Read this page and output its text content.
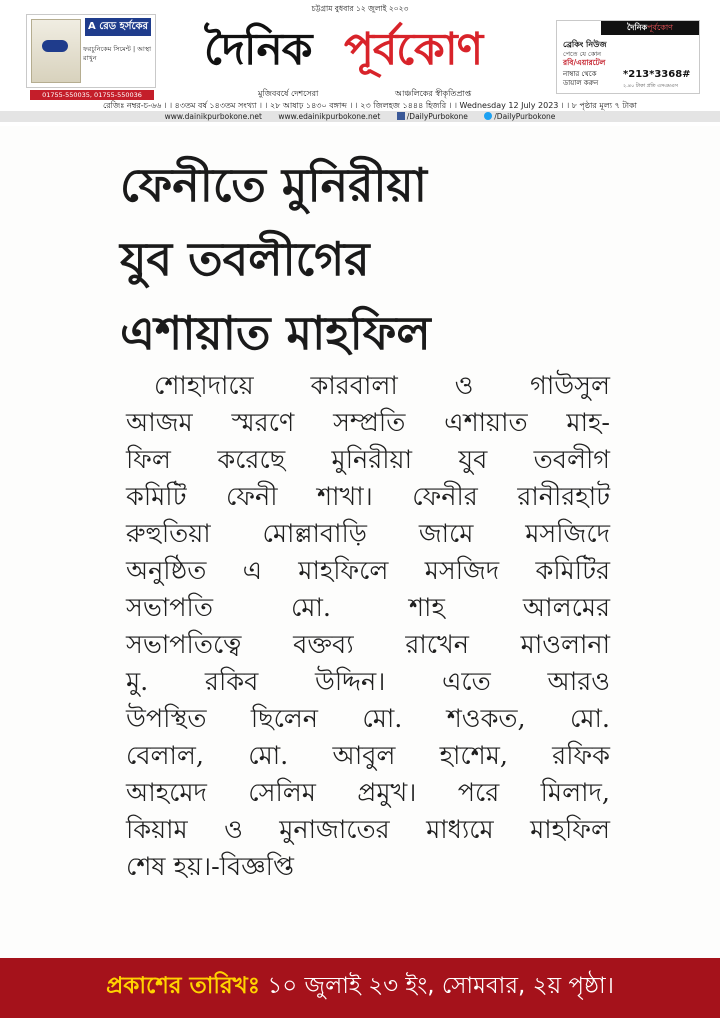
A রেড হর্সকের
ফরচুনিকেম সিমেন্ট | আস্থা রাখুন
01755-550035, 01755-550036
চট্টগ্রাম বুধবার ১২ জুলাই ২০২৩
দৈনিক পূর্বকোণ
মুজিববর্ষে দেশসেরা	আঞ্চলিকের স্বীকৃতিপ্রাপ্ত
দৈনিকপূর্বকোণ
ব্রেকিং নিউজ
পেতে যে কোন
রবি/এয়ারটেল
নাম্বার থেকে
ডায়াল করুন
*213*3368#
২.৪০ টাকা প্রতি এসএমএস
রেজিঃ নম্বর-চ-৬৬ । । ৪৩তম বর্ষ ১৪৩তম সংখ্যা । । ২৮ আষাঢ় ১৪৩০ বঙ্গাব্দ । । ২৩ জিলহজ ১৪৪৪ হিজরি । । Wednesday 12 July 2023 । । ৮ পৃষ্ঠার মূল্য ৭ টাকা
www.dainikpurbokone.net www.edainikpurbokone.net	/DailyPurbokone	/DailyPurbokone
ফেনীতে মুনিরীয়া
যুব তবলীগের
এশায়াত মাহফিল
শোহাদায়ে কারবালা ও গাউসুল
আজম স্মরণে সম্প্রতি এশায়াত মাহ-
ফিল করেছে মুনিরীয়া যুব তবলীগ
কমিটি ফেনী শাখা। ফেনীর রানীরহাট
রুহুতিয়া মোল্লাবাড়ি জামে মসজিদে
অনুষ্ঠিত এ মাহফিলে মসজিদ কমিটির
সভাপতি মো. শাহ আলমের
সভাপতিত্বে বক্তব্য রাখেন মাওলানা
মু. রকিব উদ্দিন। এতে আরও
উপস্থিত ছিলেন মো. শওকত, মো.
বেলাল, মো. আবুল হাশেম, রফিক
আহমেদ সেলিম প্রমুখ। পরে মিলাদ,
কিয়াম ও মুনাজাতের মাধ্যমে মাহফিল
শেষ হয়।-বিজ্ঞপ্তি
প্রকাশের তারিখঃ ১০ জুলাই ২৩ ইং, সোমবার, ২য় পৃষ্ঠা।
